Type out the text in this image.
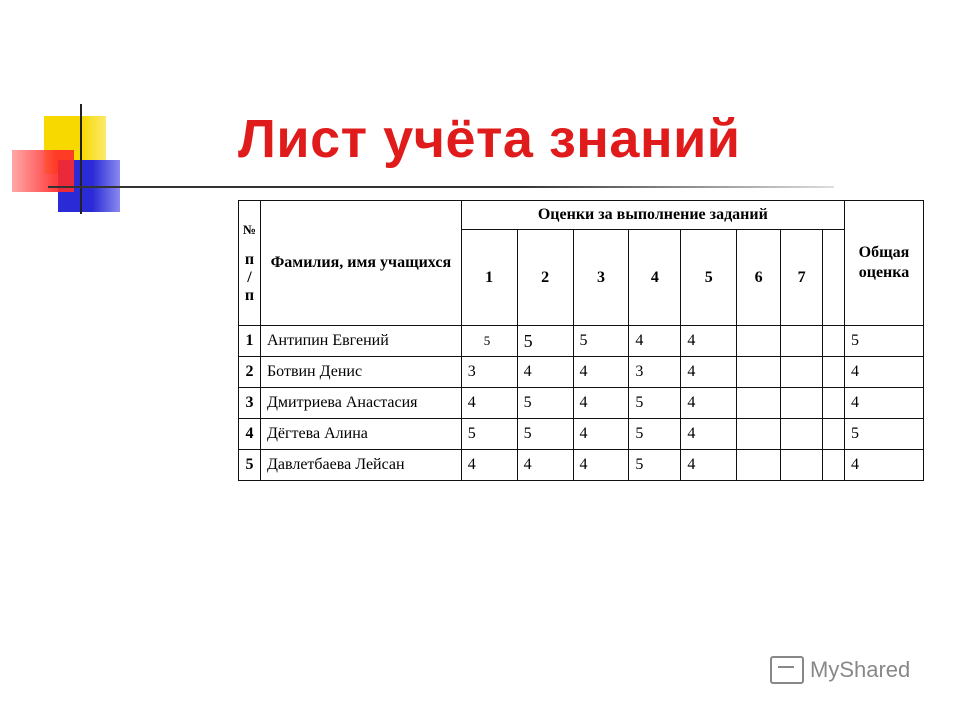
Лист учёта знаний
№
п
/
п	Фамилия, имя учащихся	Оценки за выполнение заданий								Общая оценка
		1	2	3	4	5	6	7		
1	Антипин Евгений	5	5	5	4	4				5
2	Ботвин Денис	3	4	4	3	4				4
3	Дмитриева Анастасия	4	5	4	5	4				4
4	Дёгтева Алина	5	5	4	5	4				5
5	Давлетбаева Лейсан	4	4	4	5	4				4
MyShared
